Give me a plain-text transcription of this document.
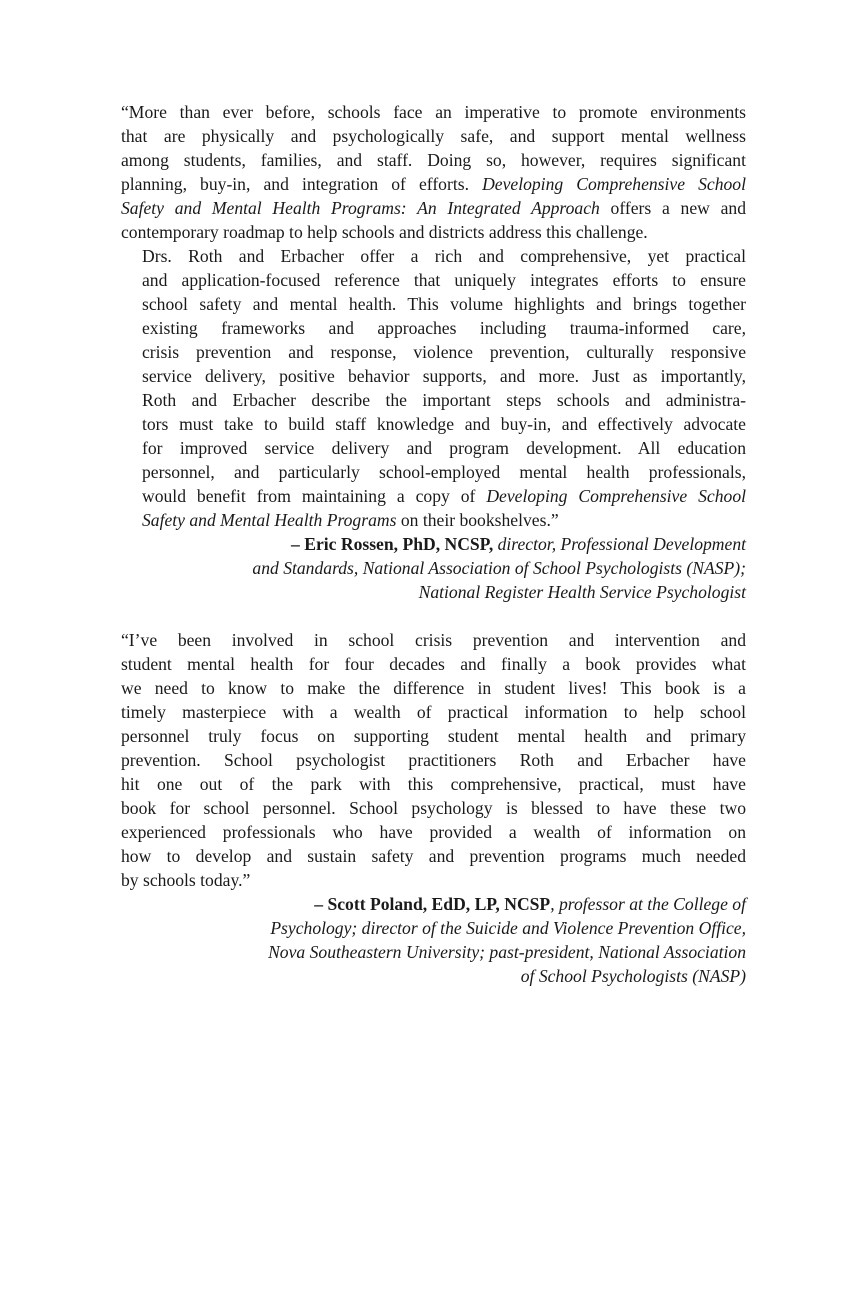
“More than ever before, schools face an imperative to promote environments
that are physically and psychologically safe, and support mental wellness
among students, families, and staff. Doing so, however, requires significant
planning, buy-in, and integration of efforts. Developing Comprehensive School
Safety and Mental Health Programs: An Integrated Approach offers a new and
contemporary roadmap to help schools and districts address this challenge.
Drs. Roth and Erbacher offer a rich and comprehensive, yet practical
and application-focused reference that uniquely integrates efforts to ensure
school safety and mental health. This volume highlights and brings together
existing frameworks and approaches including trauma-informed care,
crisis prevention and response, violence prevention, culturally responsive
service delivery, positive behavior supports, and more. Just as importantly,
Roth and Erbacher describe the important steps schools and administra-
tors must take to build staff knowledge and buy-in, and effectively advocate
for improved service delivery and program development. All education
personnel, and particularly school-employed mental health professionals,
would benefit from maintaining a copy of Developing Comprehensive School
Safety and Mental Health Programs on their bookshelves.”
– Eric Rossen, PhD, NCSP, director, Professional Development
and Standards, National Association of School Psychologists (NASP);
National Register Health Service Psychologist
“I’ve been involved in school crisis prevention and intervention and
student mental health for four decades and finally a book provides what
we need to know to make the difference in student lives! This book is a
timely masterpiece with a wealth of practical information to help school
personnel truly focus on supporting student mental health and primary
prevention. School psychologist practitioners Roth and Erbacher have
hit one out of the park with this comprehensive, practical, must have
book for school personnel. School psychology is blessed to have these two
experienced professionals who have provided a wealth of information on
how to develop and sustain safety and prevention programs much needed
by schools today.”
– Scott Poland, EdD, LP, NCSP, professor at the College of
Psychology; director of the Suicide and Violence Prevention Office,
Nova Southeastern University; past-president, National Association
of School Psychologists (NASP)
